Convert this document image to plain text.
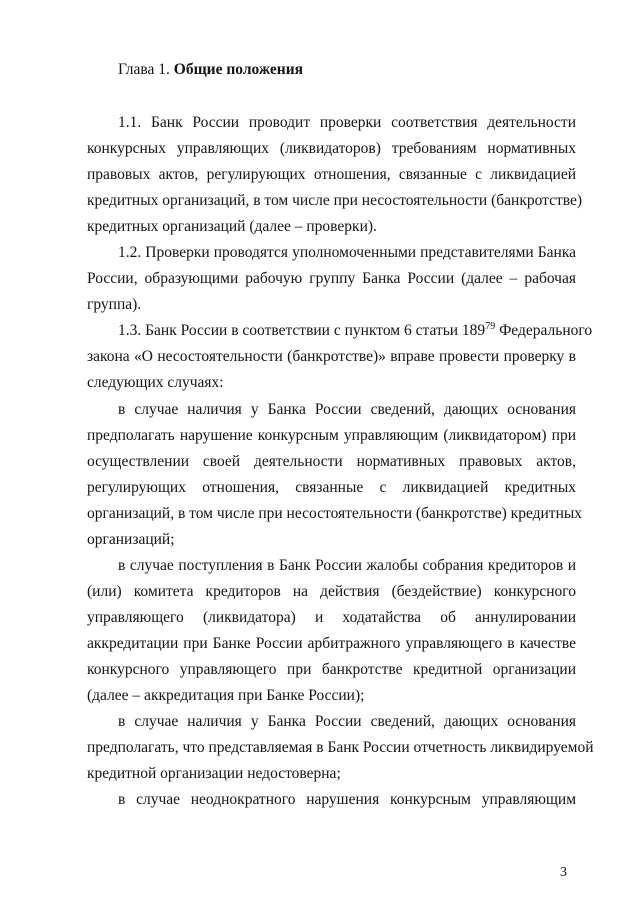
Глава 1. Общие положения
1.1. Банк России проводит проверки соответствия деятельности
конкурсных управляющих (ликвидаторов) требованиям нормативных
правовых актов, регулирующих отношения, связанные с ликвидацией
кредитных организаций, в том числе при несостоятельности (банкротстве)
кредитных организаций (далее – проверки).
1.2. Проверки проводятся уполномоченными представителями Банка
России, образующими рабочую группу Банка России (далее – рабочая
группа).
1.3. Банк России в соответствии с пунктом 6 статьи $189^{79}$ Федерального
закона «О несостоятельности (банкротстве)» вправе провести проверку в
следующих случаях:
в случае наличия у Банка России сведений, дающих основания
предполагать нарушение конкурсным управляющим (ликвидатором) при
осуществлении своей деятельности нормативных правовых актов,
регулирующих отношения, связанные с ликвидацией кредитных
организаций, в том числе при несостоятельности (банкротстве) кредитных
организаций;
в случае поступления в Банк России жалобы собрания кредиторов и
(или) комитета кредиторов на действия (бездействие) конкурсного
управляющего (ликвидатора) и ходатайства об аннулировании
аккредитации при Банке России арбитражного управляющего в качестве
конкурсного управляющего при банкротстве кредитной организации
(далее – аккредитация при Банке России);
в случае наличия у Банка России сведений, дающих основания
предполагать, что представляемая в Банк России отчетность ликвидируемой
кредитной организации недостоверна;
в случае неоднократного нарушения конкурсным управляющим
3
